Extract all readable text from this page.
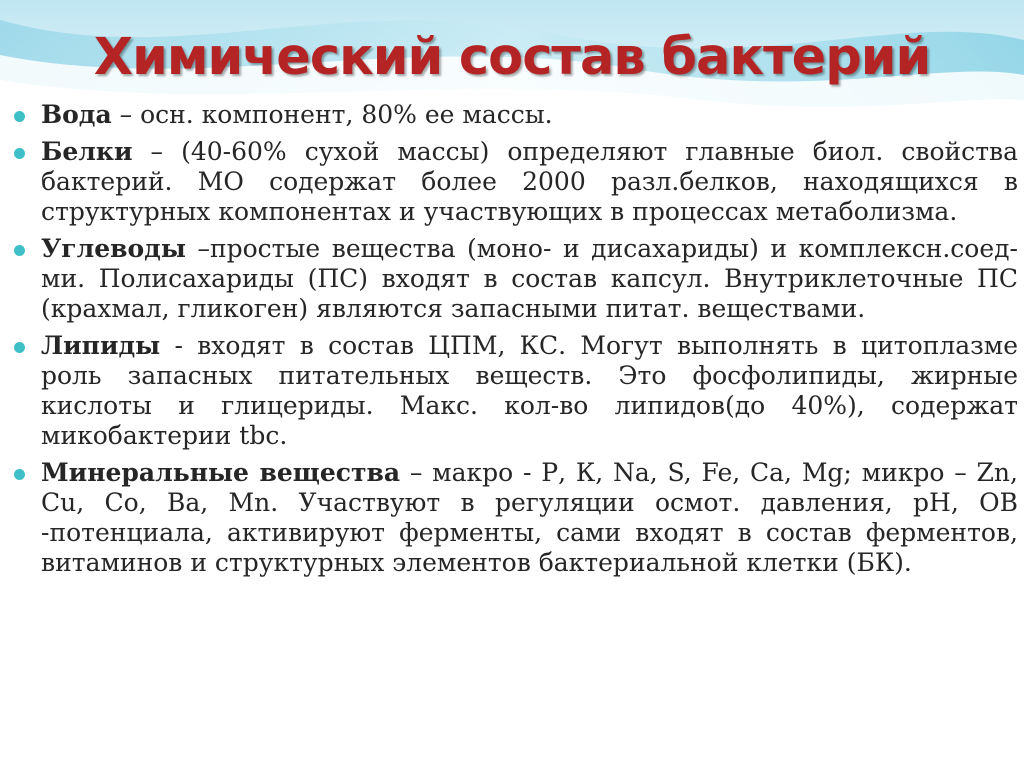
Химический состав бактерий
Вода – осн. компонент, 80% ее массы.
Белки – (40-60% сухой массы) определяют главные биол. свойства бактерий. МО содержат более 2000 разл.белков, находящихся в структурных компонентах и участвующих в процессах метаболизма.
Углеводы –простые вещества (моно- и дисахариды) и комплексн.соед-ми. Полисахариды (ПС) входят в состав капсул. Внутриклеточные ПС (крахмал, гликоген) являются запасными питат. веществами.
Липиды - входят в состав ЦПМ, КС. Могут выполнять в цитоплазме роль запасных питательных веществ. Это фосфолипиды, жирные кислоты и глицериды. Макс. кол-во липидов(до 40%), содержат микобактерии tbc.
Минеральные вещества – макро - Р, К, Na, S, Fe, Ca, Mg; микро – Zn, Cu, Co, Ba, Mn. Участвуют в регуляции осмот. давления, pH, ОВ -потенциала, активируют ферменты, сами входят в состав ферментов, витаминов и структурных элементов бактериальной клетки (БК).
